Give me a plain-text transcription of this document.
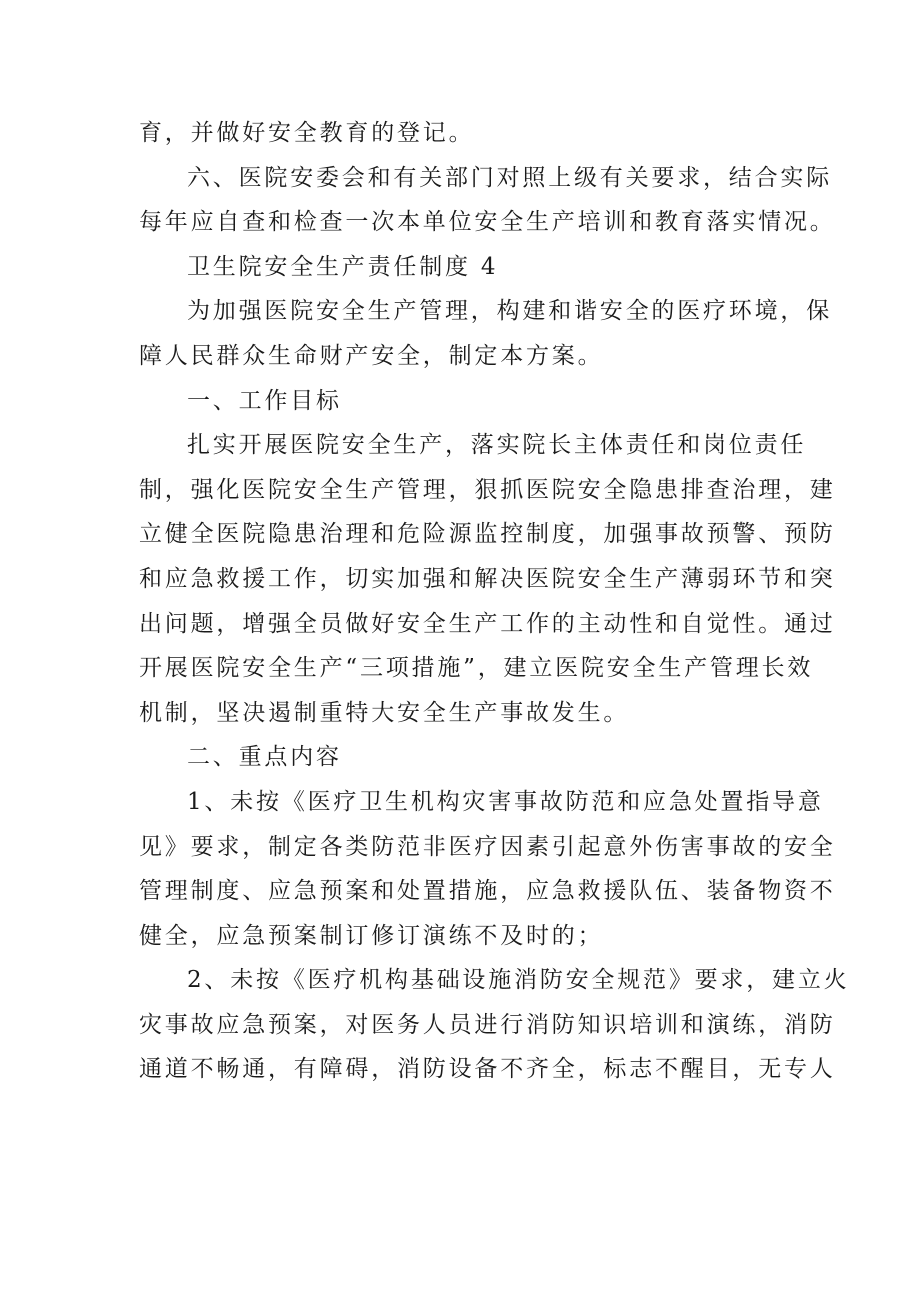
育，并做好安全教育的登记。
六、医院安委会和有关部门对照上级有关要求，结合实际
每年应自查和检查一次本单位安全生产培训和教育落实情况。
卫生院安全生产责任制度 4
为加强医院安全生产管理，构建和谐安全的医疗环境，保
障人民群众生命财产安全，制定本方案。
一、工作目标
扎实开展医院安全生产，落实院长主体责任和岗位责任
制，强化医院安全生产管理，狠抓医院安全隐患排查治理，建
立健全医院隐患治理和危险源监控制度，加强事故预警、预防
和应急救援工作，切实加强和解决医院安全生产薄弱环节和突
出问题，增强全员做好安全生产工作的主动性和自觉性。通过
开展医院安全生产“三项措施”，建立医院安全生产管理长效
机制，坚决遏制重特大安全生产事故发生。
二、重点内容
1、未按《医疗卫生机构灾害事故防范和应急处置指导意
见》要求，制定各类防范非医疗因素引起意外伤害事故的安全
管理制度、应急预案和处置措施，应急救援队伍、装备物资不
健全，应急预案制订修订演练不及时的；
2、未按《医疗机构基础设施消防安全规范》要求，建立火
灾事故应急预案，对医务人员进行消防知识培训和演练，消防
通道不畅通，有障碍，消防设备不齐全，标志不醒目，无专人
